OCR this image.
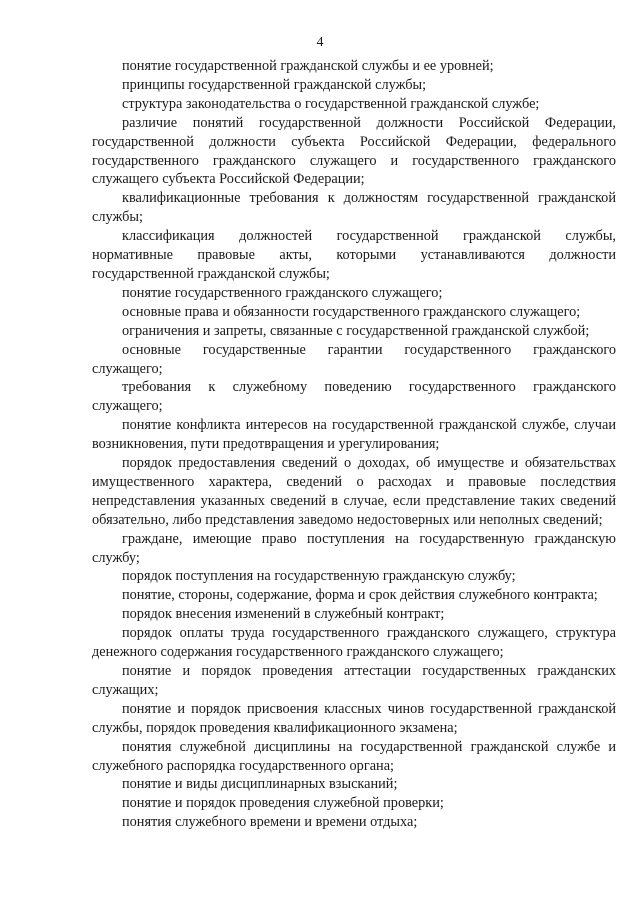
4

понятие государственной гражданской службы и ее уровней;

принципы государственной гражданской службы;

структура законодательства о государственной гражданской службе;

различие понятий государственной должности Российской Федерации, государственной должности субъекта Российской Федерации, федерального государственного гражданского служащего и государственного гражданского служащего субъекта Российской Федерации;

квалификационные требования к должностям государственной гражданской службы;

классификация должностей государственной гражданской службы, нормативные правовые акты, которыми устанавливаются должности государственной гражданской службы;

понятие государственного гражданского служащего;

основные права и обязанности государственного гражданского служащего;

ограничения и запреты, связанные с государственной гражданской службой;

основные государственные гарантии государственного гражданского служащего;

требования к служебному поведению государственного гражданского служащего;

понятие конфликта интересов на государственной гражданской службе, случаи возникновения, пути предотвращения и урегулирования;

порядок предоставления сведений о доходах, об имуществе и обязательствах имущественного характера, сведений о расходах и правовые последствия непредставления указанных сведений в случае, если представление таких сведений обязательно, либо представления заведомо недостоверных или неполных сведений;

граждане, имеющие право поступления на государственную гражданскую службу;

порядок поступления на государственную гражданскую службу;

понятие, стороны, содержание, форма и срок действия служебного контракта;

порядок внесения изменений в служебный контракт;

порядок оплаты труда государственного гражданского служащего, структура денежного содержания государственного гражданского служащего;

понятие и порядок проведения аттестации государственных гражданских служащих;

понятие и порядок присвоения классных чинов государственной гражданской службы, порядок проведения квалификационного экзамена;

понятия служебной дисциплины на государственной гражданской службе и служебного распорядка государственного органа;

понятие и виды дисциплинарных взысканий;

понятие и порядок проведения служебной проверки;

понятия служебного времени и времени отдыха;
